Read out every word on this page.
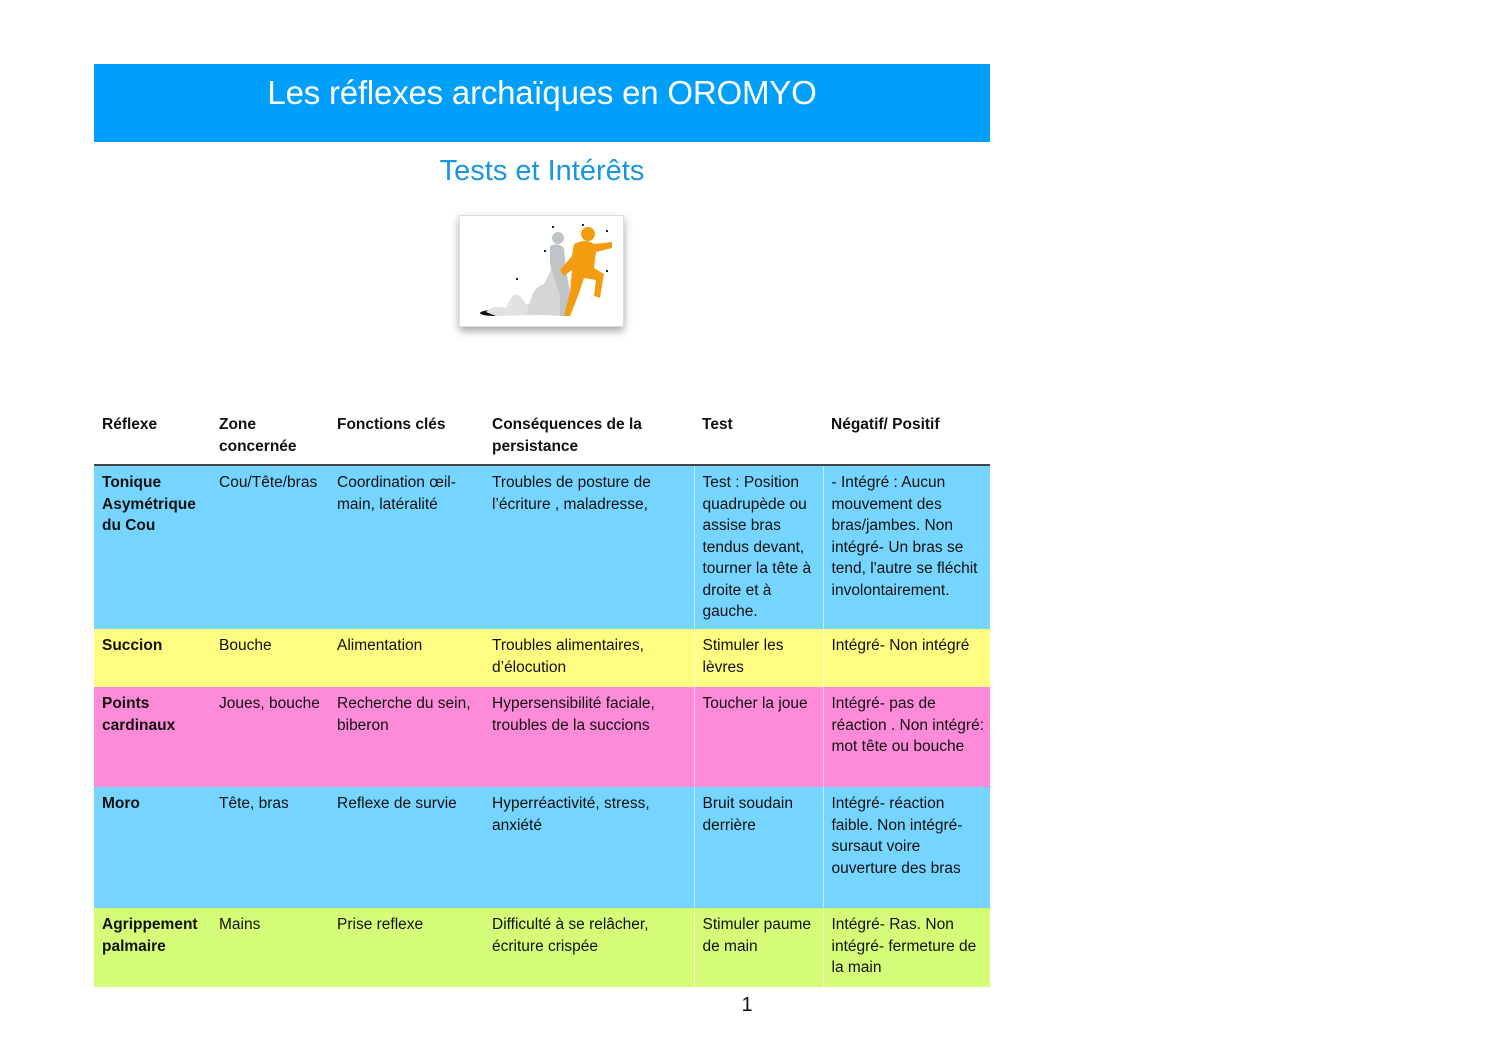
Les réflexes archaïques en OROMYO
Tests et Intérêts
Réflexe	Zone concernée	Fonctions clés	Conséquences de la persistance	Test	Négatif/ Positif
Tonique Asymétrique du Cou	Cou/Tête/bras	Coordination œil-main, latéralité	Troubles de posture de l’écriture , maladresse,	Test : Position quadrupède ou assise bras tendus devant, tourner la tête à droite et à gauche.	- Intégré : Aucun mouvement des bras/jambes. Non intégré- Un bras se tend, l'autre se fléchit involontairement.
Succion	Bouche	Alimentation	Troubles alimentaires, d’élocution	Stimuler les lèvres	Intégré- Non intégré
Points cardinaux	Joues, bouche	Recherche du sein, biberon	Hypersensibilité faciale, troubles de la succions	Toucher la joue	Intégré- pas de réaction . Non intégré: mot tête ou bouche
Moro	Tête, bras	Reflexe de survie	Hyperréactivité, stress, anxiété	Bruit soudain derrière	Intégré- réaction faible. Non intégré- sursaut voire ouverture des bras
Agrippement palmaire	Mains	Prise reflexe	Difficulté à se relâcher, écriture crispée	Stimuler paume de main	Intégré- Ras. Non intégré- fermeture de la main
1
